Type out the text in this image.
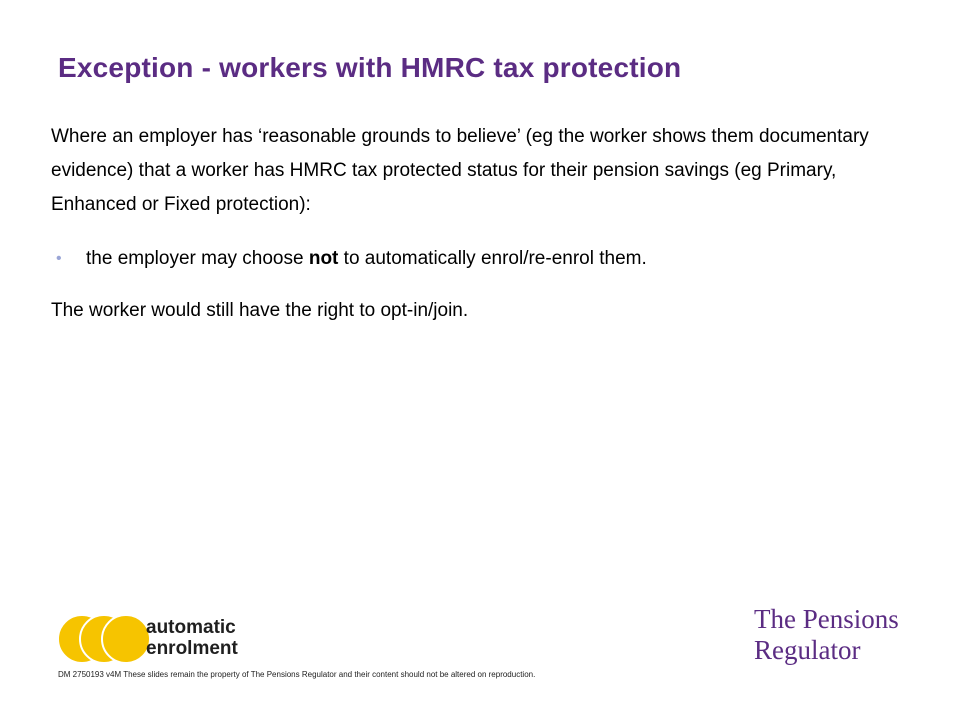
Exception - workers with HMRC tax protection

Where an employer has ‘reasonable grounds to believe’ (eg the worker shows them documentary evidence) that a worker has HMRC tax protected status for their pension savings (eg Primary, Enhanced or Fixed protection):

• the employer may choose not to automatically enrol/re-enrol them.

The worker would still have the right to opt-in/join.

automatic
enrolment
DM 2750193 v4M These slides remain the property of The Pensions Regulator and their content should not be altered on reproduction.
The Pensions
Regulator
